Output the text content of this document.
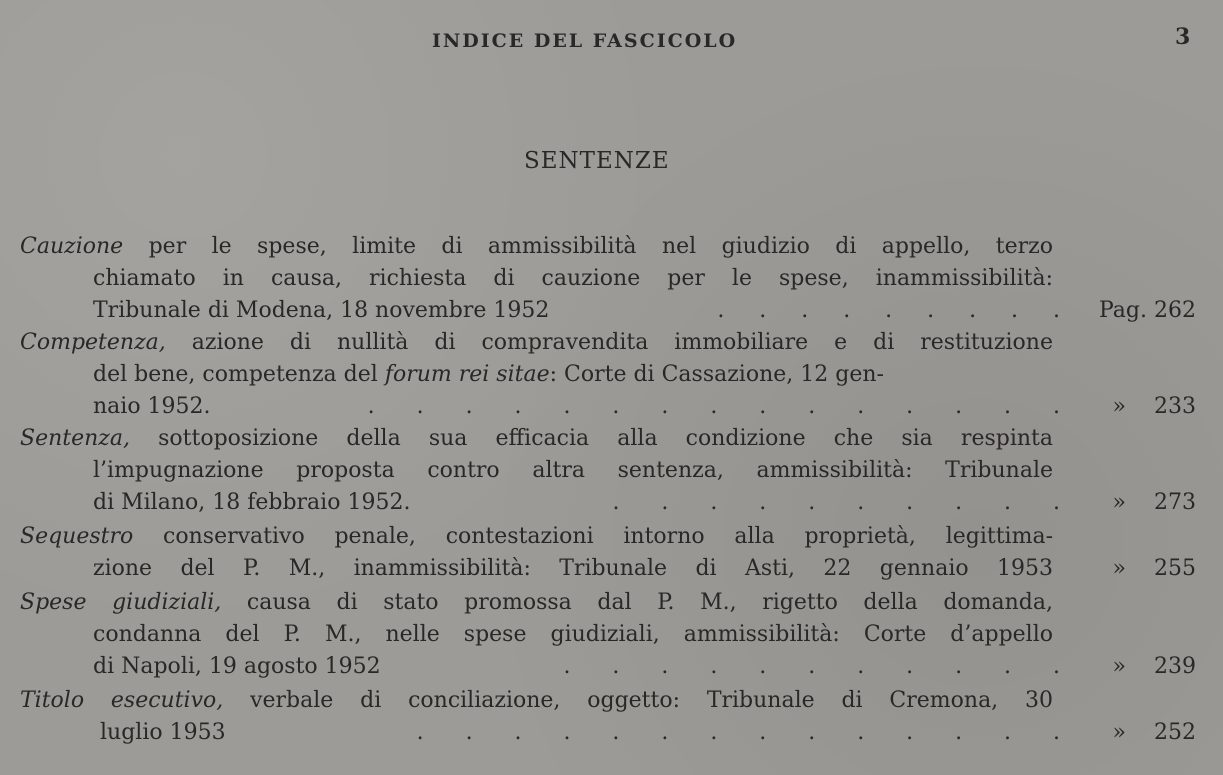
INDICE DEL FASCICOLO	3
SENTENZE
Cauzione per le spese, limite di ammissibilità nel giudizio di appello, terzo
chiamato in causa, richiesta di cauzione per le spese, inammissibilità:
Tribunale di Modena, 18 novembre 1952	.     .     .     .     .     .     .     .     .	Pag. 262
Competenza, azione di nullità di compravendita immobiliare e di restituzione
del bene, competenza del forum rei sitae: Corte di Cassazione, 12 gen-
naio 1952.	.      .      .      .      .      .      .      .      .      .      .      .      .      .      .	» 233
Sentenza, sottoposizione della sua efficacia alla condizione che sia respinta
l’impugnazione proposta contro altra sentenza, ammissibilità: Tribunale
di Milano, 18 febbraio 1952.	.      .      .      .      .      .      .      .      .      .	» 273
Sequestro conservativo penale, contestazioni intorno alla proprietà, legittima-
zione del P. M., inammissibilità: Tribunale di Asti, 22 gennaio 1953	» 255
Spese giudiziali, causa di stato promossa dal P. M., rigetto della domanda,
condanna del P. M., nelle spese giudiziali, ammissibilità: Corte d’appello
di Napoli, 19 agosto 1952	.      .      .      .      .      .      .      .      .      .      .	» 239
Titolo esecutivo, verbale di conciliazione, oggetto: Tribunale di Cremona, 30
luglio 1953	.      .      .      .      .      .      .      .      .      .      .      .      .      .	» 252
